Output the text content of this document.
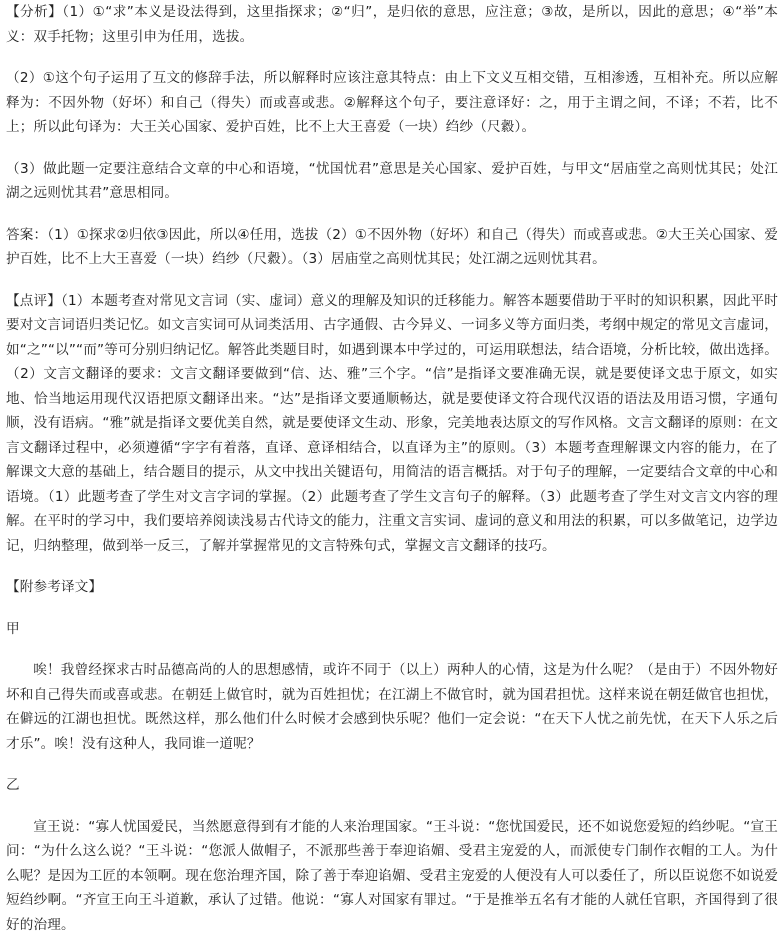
【分析】（1）①“求”本义是设法得到，这里指探求；②“归”，是归依的意思，应注意；③故，是所以，因此的意思；④“举”本义：双手托物；这里引申为任用，选拔。

（2）①这个句子运用了互文的修辞手法，所以解释时应该注意其特点：由上下文义互相交错，互相渗透，互相补充。所以应解释为：不因外物（好坏）和自己（得失）而或喜或悲。②解释这个句子，要注意译好：之，用于主谓之间，不译；不若，比不上；所以此句译为：大王关心国家、爱护百姓，比不上大王喜爱（一块）绉纱（尺縠）。

（3）做此题一定要注意结合文章的中心和语境，“忧国忧君”意思是关心国家、爱护百姓，与甲文“居庙堂之高则忧其民；处江湖之远则忧其君”意思相同。

答案：（1）①探求②归依③因此，所以④任用，选拔（2）①不因外物（好坏）和自己（得失）而或喜或悲。②大王关心国家、爱护百姓，比不上大王喜爱（一块）绉纱（尺縠）。（3）居庙堂之高则忧其民；处江湖之远则忧其君。

【点评】（1）本题考查对常见文言词（实、虚词）意义的理解及知识的迁移能力。解答本题要借助于平时的知识积累，因此平时要对文言词语归类记忆。如文言实词可从词类活用、古字通假、古今异义、一词多义等方面归类，考纲中规定的常见文言虚词，如“之”“以”“而”等可分别归纳记忆。解答此类题目时，如遇到课本中学过的，可运用联想法，结合语境，分析比较，做出选择。（2）文言文翻译的要求：文言文翻译要做到“信、达、雅”三个字。“信”是指译文要准确无误，就是要使译文忠于原文，如实地、恰当地运用现代汉语把原文翻译出来。“达”是指译文要通顺畅达，就是要使译文符合现代汉语的语法及用语习惯，字通句顺，没有语病。“雅”就是指译文要优美自然，就是要使译文生动、形象，完美地表达原文的写作风格。文言文翻译的原则：在文言文翻译过程中，必须遵循“字字有着落，直译、意译相结合，以直译为主”的原则。（3）本题考查理解课文内容的能力，在了解课文大意的基础上，结合题目的提示，从文中找出关键语句，用简洁的语言概括。对于句子的理解，一定要结合文章的中心和语境。（1）此题考查了学生对文言字词的掌握。（2）此题考查了学生文言句子的解释。（3）此题考查了学生对文言文内容的理解。在平时的学习中，我们要培养阅读浅易古代诗文的能力，注重文言实词、虚词的意义和用法的积累，可以多做笔记，边学边记，归纳整理，做到举一反三，了解并掌握常见的文言特殊句式，掌握文言文翻译的技巧。

【附参考译文】

甲

唉！我曾经探求古时品德高尚的人的思想感情，或许不同于（以上）两种人的心情，这是为什么呢？（是由于）不因外物好坏和自己得失而或喜或悲。在朝廷上做官时，就为百姓担忧；在江湖上不做官时，就为国君担忧。这样来说在朝廷做官也担忧，在僻远的江湖也担忧。既然这样，那么他们什么时候才会感到快乐呢？他们一定会说：“在天下人忧之前先忧，在天下人乐之后才乐”。唉！没有这种人，我同谁一道呢？

乙

宣王说：“寡人忧国爱民，当然愿意得到有才能的人来治理国家。“王斗说：“您忧国爱民，还不如说您爱短的绉纱呢。“宣王问：“为什么这么说？“王斗说：“您派人做帽子，不派那些善于奉迎谄媚、受君主宠爱的人，而派使专门制作衣帽的工人。为什么呢？是因为工匠的本领啊。现在您治理齐国，除了善于奉迎谄媚、受君主宠爱的人便没有人可以委任了，所以臣说您不如说爱短绉纱啊。“齐宣王向王斗道歉，承认了过错。他说：“寡人对国家有罪过。“于是推举五名有才能的人就任官职，齐国得到了很好的治理。
